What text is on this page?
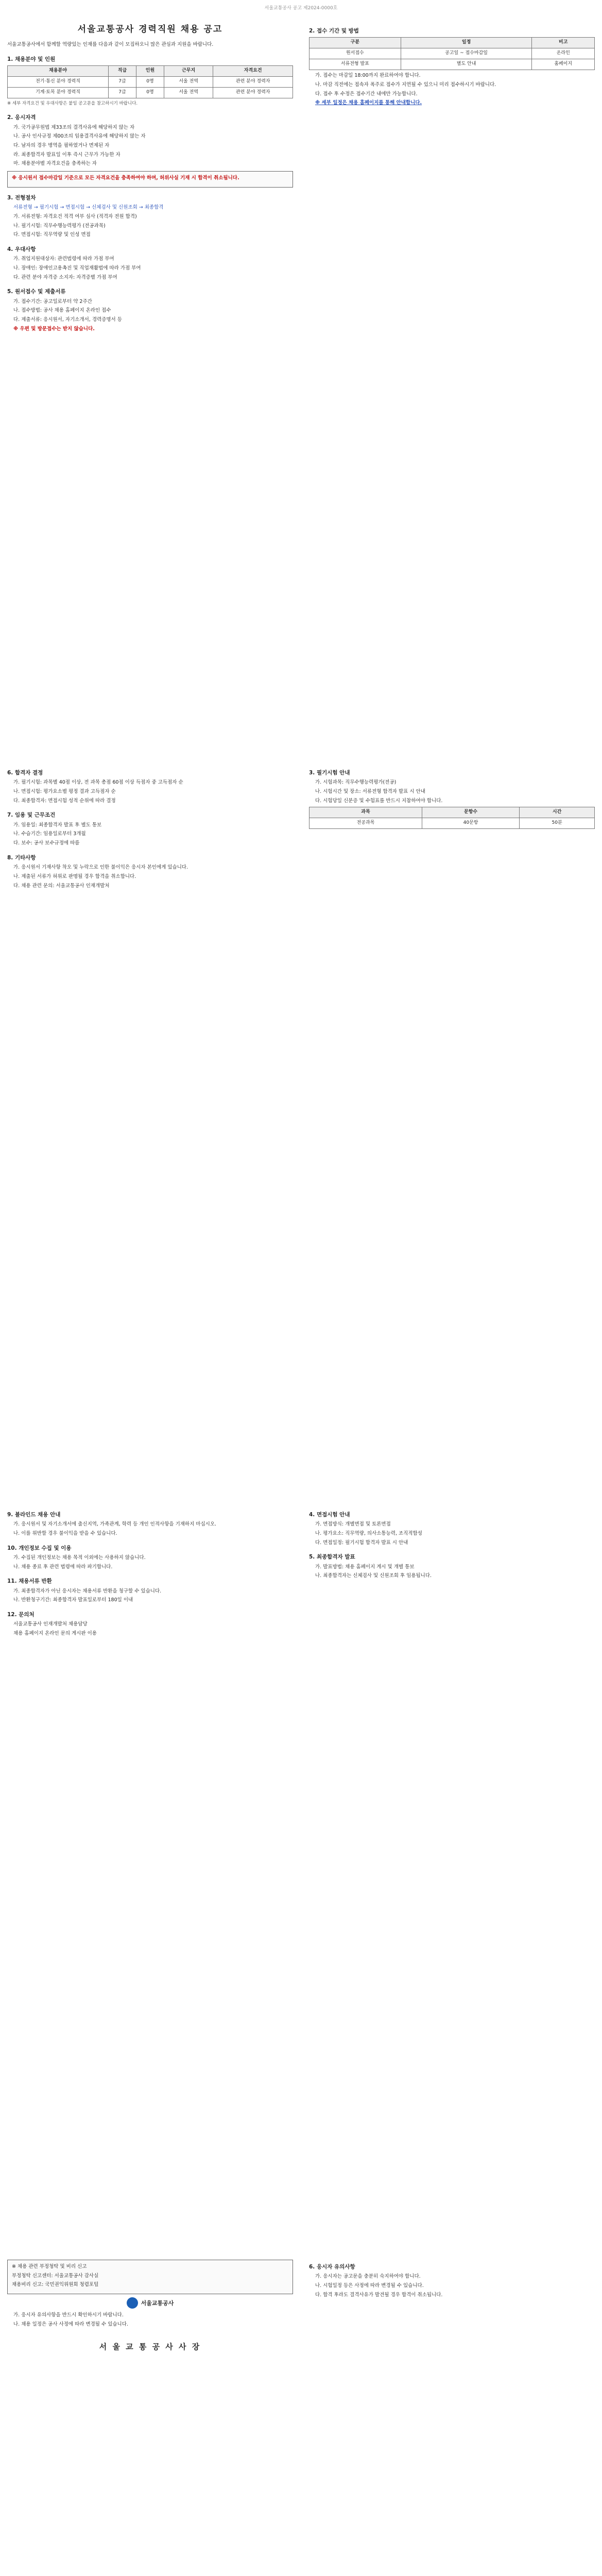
서울교통공사 공고 제2024-0000호
서울교통공사 경력직원 채용 공고
서울교통공사에서 함께할 역량있는 인재를 다음과 같이 모집하오니 많은 관심과 지원을 바랍니다.
1. 채용분야 및 인원
채용분야	직급	인원	근무지	자격요건
전기·통신 분야 경력직	7급	0명	서울 전역	관련 분야 경력자
기계·토목 분야 경력직	7급	0명	서울 전역	관련 분야 경력자
※ 세부 자격요건 및 우대사항은 붙임 공고문을 참고하시기 바랍니다.
2. 응시자격
가. 국가공무원법 제33조의 결격사유에 해당하지 않는 자
나. 공사 인사규정 제00조의 임용결격사유에 해당하지 않는 자
다. 남자의 경우 병역을 필하였거나 면제된 자
라. 최종합격자 발표일 이후 즉시 근무가 가능한 자
마. 채용분야별 자격요건을 충족하는 자
※ 응시원서 접수마감일 기준으로 모든 자격요건을 충족하여야 하며, 허위사실 기재 시 합격이 취소됩니다.
3. 전형절차
서류전형 → 필기시험 → 면접시험 → 신체검사 및 신원조회 → 최종합격
가. 서류전형: 자격요건 적격 여부 심사 (적격자 전원 합격)
나. 필기시험: 직무수행능력평가 (전공과목)
다. 면접시험: 직무역량 및 인성 면접
4. 우대사항
가. 취업지원대상자: 관련법령에 따라 가점 부여
나. 장애인: 장애인고용촉진 및 직업재활법에 따라 가점 부여
다. 관련 분야 자격증 소지자: 자격증별 가점 부여
5. 원서접수 및 제출서류
가. 접수기간: 공고일로부터 약 2주간
나. 접수방법: 공사 채용 홈페이지 온라인 접수
다. 제출서류: 응시원서, 자기소개서, 경력증명서 등
※ 우편 및 방문접수는 받지 않습니다.
6. 합격자 결정
가. 필기시험: 과목별 40점 이상, 전 과목 총점 60점 이상 득점자 중 고득점자 순
나. 면접시험: 평가요소별 평정 결과 고득점자 순
다. 최종합격자: 면접시험 성적 순위에 따라 결정
7. 임용 및 근무조건
가. 임용일: 최종합격자 발표 후 별도 통보
나. 수습기간: 임용일로부터 3개월
다. 보수: 공사 보수규정에 따름
8. 기타사항
가. 응시원서 기재사항 착오 및 누락으로 인한 불이익은 응시자 본인에게 있습니다.
나. 제출된 서류가 허위로 판명될 경우 합격을 취소합니다.
다. 채용 관련 문의: 서울교통공사 인재개발처
9. 블라인드 채용 안내
가. 응시원서 및 자기소개서에 출신지역, 가족관계, 학력 등 개인 인적사항을 기재하지 마십시오.
나. 이를 위반할 경우 불이익을 받을 수 있습니다.
10. 개인정보 수집 및 이용
가. 수집된 개인정보는 채용 목적 이외에는 사용하지 않습니다.
나. 채용 종료 후 관련 법령에 따라 파기합니다.
11. 채용서류 반환
가. 최종합격자가 아닌 응시자는 채용서류 반환을 청구할 수 있습니다.
나. 반환청구기간: 최종합격자 발표일로부터 180일 이내
12. 문의처
서울교통공사 인재개발처 채용담당
채용 홈페이지 온라인 문의 게시판 이용
※ 채용 관련 부정청탁 및 비리 신고
부정청탁 신고센터: 서울교통공사 감사실
채용비리 신고: 국민권익위원회 청렴포털
서울교통공사
가. 응시자 유의사항을 반드시 확인하시기 바랍니다.
나. 채용 일정은 공사 사정에 따라 변경될 수 있습니다.
서 울 교 통 공 사 사 장
2. 접수 기간 및 방법
구분	일정	비고
원서접수	공고일 ~ 접수마감일	온라인
서류전형 발표	별도 안내	홈페이지
가. 접수는 마감일 18:00까지 완료하여야 합니다.
나. 마감 직전에는 접속자 폭주로 접수가 지연될 수 있으니 미리 접수하시기 바랍니다.
다. 접수 후 수정은 접수기간 내에만 가능합니다.
※ 세부 일정은 채용 홈페이지를 통해 안내합니다.
3. 필기시험 안내
가. 시험과목: 직무수행능력평가(전공)
나. 시험시간 및 장소: 서류전형 합격자 발표 시 안내
다. 시험당일 신분증 및 수험표를 반드시 지참하여야 합니다.
과목	문항수	시간
전공과목	40문항	50분
4. 면접시험 안내
가. 면접방식: 개별면접 및 토론면접
나. 평가요소: 직무역량, 의사소통능력, 조직적합성
다. 면접일정: 필기시험 합격자 발표 시 안내
5. 최종합격자 발표
가. 발표방법: 채용 홈페이지 게시 및 개별 통보
나. 최종합격자는 신체검사 및 신원조회 후 임용됩니다.
6. 응시자 유의사항
가. 응시자는 공고문을 충분히 숙지하여야 합니다.
나. 시험일정 등은 사정에 따라 변경될 수 있습니다.
다. 합격 후라도 결격사유가 발견될 경우 합격이 취소됩니다.
